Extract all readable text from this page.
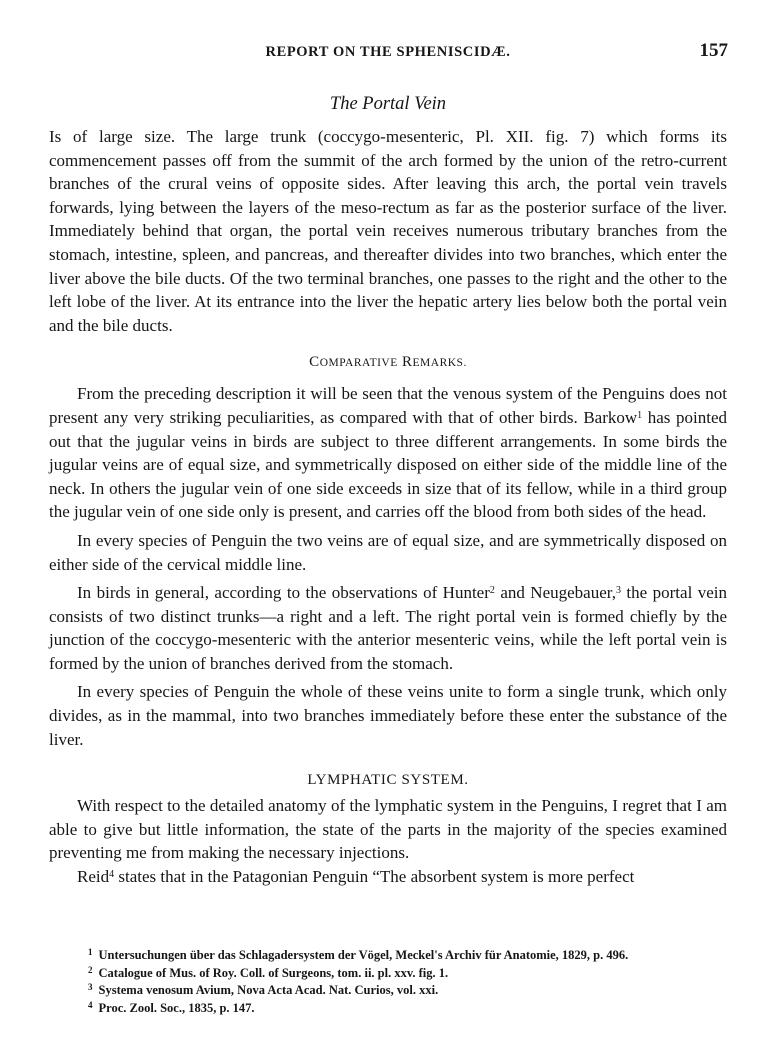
REPORT ON THE SPHENISCIDÆ.	157
The Portal Vein

Is of large size. The large trunk (coccygo-mesenteric, Pl. XII. fig. 7) which forms its commencement passes off from the summit of the arch formed by the union of the retro-current branches of the crural veins of opposite sides. After leaving this arch, the portal vein travels forwards, lying between the layers of the meso-rectum as far as the posterior surface of the liver. Immediately behind that organ, the portal vein receives numerous tributary branches from the stomach, intestine, spleen, and pancreas, and thereafter divides into two branches, which enter the liver above the bile ducts. Of the two terminal branches, one passes to the right and the other to the left lobe of the liver. At its entrance into the liver the hepatic artery lies below both the portal vein and the bile ducts.

COMPARATIVE REMARKS.

From the preceding description it will be seen that the venous system of the Penguins does not present any very striking peculiarities, as compared with that of other birds. Barkow$^1$ has pointed out that the jugular veins in birds are subject to three different arrangements. In some birds the jugular veins are of equal size, and symmetrically disposed on either side of the middle line of the neck. In others the jugular vein of one side exceeds in size that of its fellow, while in a third group the jugular vein of one side only is present, and carries off the blood from both sides of the head.

In every species of Penguin the two veins are of equal size, and are symmetrically disposed on either side of the cervical middle line.

In birds in general, according to the observations of Hunter$^2$ and Neugebauer,$^3$ the portal vein consists of two distinct trunks—a right and a left. The right portal vein is formed chiefly by the junction of the coccygo-mesenteric with the anterior mesenteric veins, while the left portal vein is formed by the union of branches derived from the stomach.

In every species of Penguin the whole of these veins unite to form a single trunk, which only divides, as in the mammal, into two branches immediately before these enter the substance of the liver.

LYMPHATIC SYSTEM.

With respect to the detailed anatomy of the lymphatic system in the Penguins, I regret that I am able to give but little information, the state of the parts in the majority of the species examined preventing me from making the necessary injections.

Reid$^4$ states that in the Patagonian Penguin “The absorbent system is more perfect

$^1$ Untersuchungen über das Schlagadersystem der Vögel, Meckel's Archiv für Anatomie, 1829, p. 496.

$^2$ Catalogue of Mus. of Roy. Coll. of Surgeons, tom. ii. pl. xxv. fig. 1.

$^3$ Systema venosum Avium, Nova Acta Acad. Nat. Curios, vol. xxi.

$^4$ Proc. Zool. Soc., 1835, p. 147.
